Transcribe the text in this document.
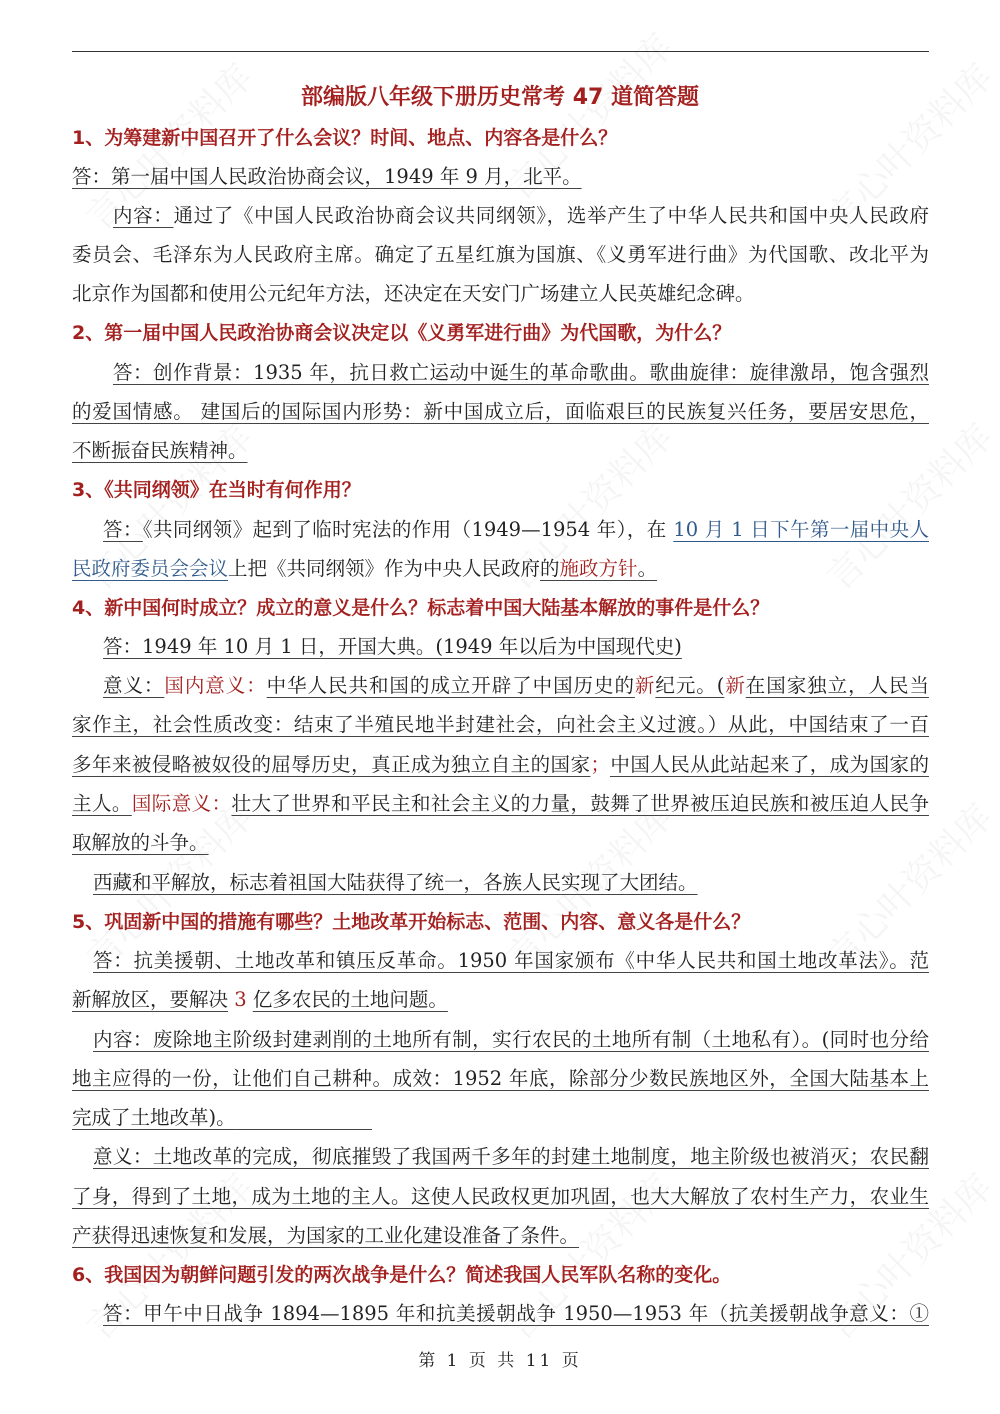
部编版八年级下册历史常考 47 道简答题
1、为筹建新中国召开了什么会议？时间、地点、内容各是什么？
答：第一届中国人民政治协商会议，1949 年 9 月，北平。
内容：通过了《中国人民政治协商会议共同纲领》，选举产生了中华人民共和国中央人民政府
委员会、毛泽东为人民政府主席。确定了五星红旗为国旗、《义勇军进行曲》为代国歌、改北平为
北京作为国都和使用公元纪年方法，还决定在天安门广场建立人民英雄纪念碑。
2、第一届中国人民政治协商会议决定以《义勇军进行曲》为代国歌，为什么？
答：创作背景：1935 年，抗日救亡运动中诞生的革命歌曲。歌曲旋律：旋律激昂，饱含强烈
的爱国情感。 建国后的国际国内形势：新中国成立后，面临艰巨的民族复兴任务，要居安思危，
不断振奋民族精神。
3、《共同纲领》在当时有何作用？
答：《共同纲领》起到了临时宪法的作用（1949—1954 年），在 10 月 1 日下午第一届中央人
民政府委员会会议上把《共同纲领》作为中央人民政府的施政方针。
4、新中国何时成立？成立的意义是什么？标志着中国大陆基本解放的事件是什么？
答：1949 年 10 月 1 日，开国大典。(1949 年以后为中国现代史)
意义：国内意义：中华人民共和国的成立开辟了中国历史的新纪元。(新在国家独立，人民当
家作主，社会性质改变：结束了半殖民地半封建社会，向社会主义过渡。）从此，中国结束了一百
多年来被侵略被奴役的屈辱历史，真正成为独立自主的国家；中国人民从此站起来了，成为国家的
主人。国际意义：壮大了世界和平民主和社会主义的力量，鼓舞了世界被压迫民族和被压迫人民争
取解放的斗争。
西藏和平解放，标志着祖国大陆获得了统一，各族人民实现了大团结。
5、巩固新中国的措施有哪些？土地改革开始标志、范围、内容、意义各是什么？
答：抗美援朝、土地改革和镇压反革命。1950 年国家颁布《中华人民共和国土地改革法》。范
新解放区，要解决 3 亿多农民的土地问题。
内容：废除地主阶级封建剥削的土地所有制，实行农民的土地所有制（土地私有）。(同时也分给
地主应得的一份，让他们自己耕种。成效：1952 年底，除部分少数民族地区外，全国大陆基本上
完成了土地改革)。
意义：土地改革的完成，彻底摧毁了我国两千多年的封建土地制度，地主阶级也被消灭；农民翻
了身，得到了土地，成为土地的主人。这使人民政权更加巩固，也大大解放了农村生产力，农业生
产获得迅速恢复和发展，为国家的工业化建设准备了条件。
6、我国因为朝鲜问题引发的两次战争是什么？简述我国人民军队名称的变化。
答：甲午中日战争 1894—1895 年和抗美援朝战争 1950—1953 年（抗美援朝战争意义：①
第 1 页 共 11 页
